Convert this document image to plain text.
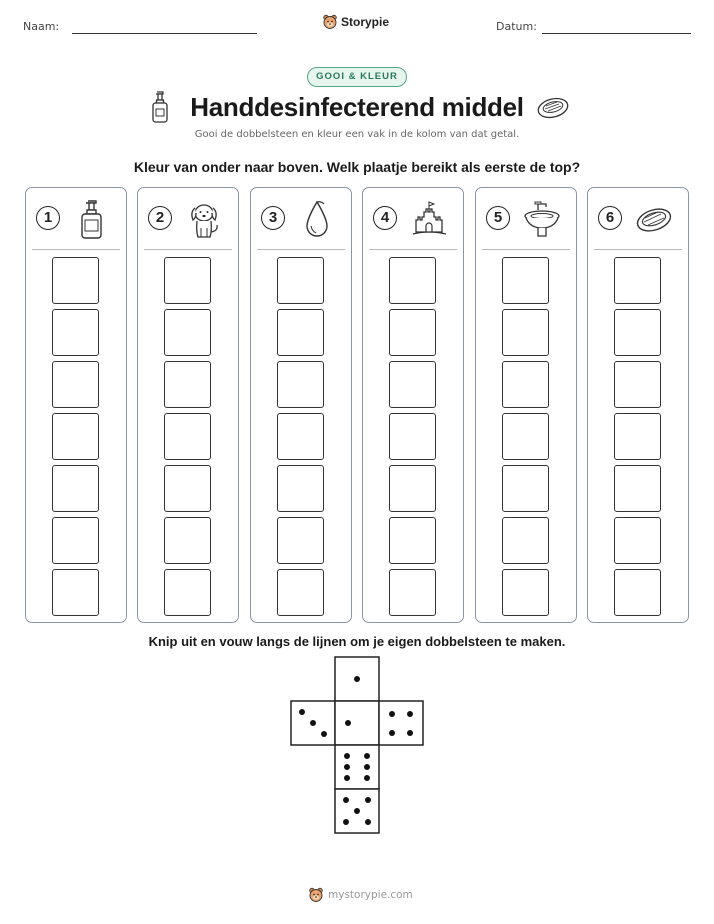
Naam:	Storypie	Datum:
GOOI & KLEUR
Handdesinfecterend middel
Gooi de dobbelsteen en kleur een vak in de kolom van dat getal.
Kleur van onder naar boven. Welk plaatje bereikt als eerste de top?
1	2	3	4	5	6
Knip uit en vouw langs de lijnen om je eigen dobbelsteen te maken.
mystorypie.com
